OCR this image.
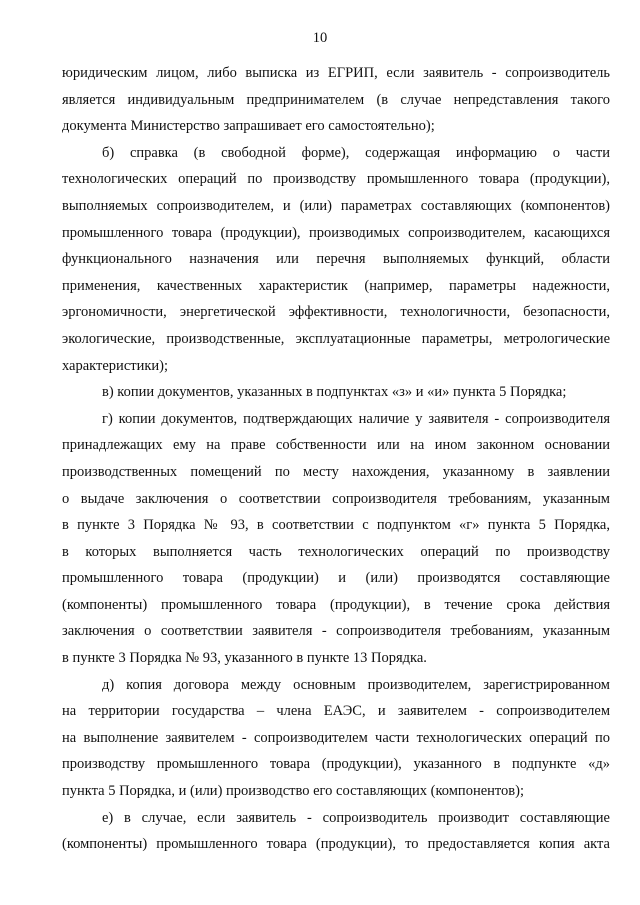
10
юридическим лицом, либо выписка из ЕГРИП, если заявитель - сопроизводитель
является индивидуальным предпринимателем (в случае непредставления такого
документа Министерство запрашивает его самостоятельно);
б) справка (в свободной форме), содержащая информацию о части
технологических операций по производству промышленного товара (продукции),
выполняемых сопроизводителем, и (или) параметрах составляющих (компонентов)
промышленного товара (продукции), производимых сопроизводителем, касающихся
функционального назначения или перечня выполняемых функций, области
применения, качественных характеристик (например, параметры надежности,
эргономичности, энергетической эффективности, технологичности, безопасности,
экологические, производственные, эксплуатационные параметры, метрологические
характеристики);
в) копии документов, указанных в подпунктах «з» и «и» пункта 5 Порядка;
г) копии документов, подтверждающих наличие у заявителя - сопроизводителя
принадлежащих ему на праве собственности или на ином законном основании
производственных помещений по месту нахождения, указанному в заявлении
о выдаче заключения о соответствии сопроизводителя требованиям, указанным
в пункте 3 Порядка № 93, в соответствии с подпунктом «г» пункта 5 Порядка,
в которых выполняется часть технологических операций по производству
промышленного товара (продукции) и (или) производятся составляющие
(компоненты) промышленного товара (продукции), в течение срока действия
заключения о соответствии заявителя - сопроизводителя требованиям, указанным
в пункте 3 Порядка № 93, указанного в пункте 13 Порядка.
д) копия договора между основным производителем, зарегистрированном
на территории государства – члена ЕАЭС, и заявителем - сопроизводителем
на выполнение заявителем - сопроизводителем части технологических операций по
производству промышленного товара (продукции), указанного в подпункте «д»
пункта 5 Порядка, и (или) производство его составляющих (компонентов);
е) в случае, если заявитель - сопроизводитель производит составляющие
(компоненты) промышленного товара (продукции), то предоставляется копия акта
